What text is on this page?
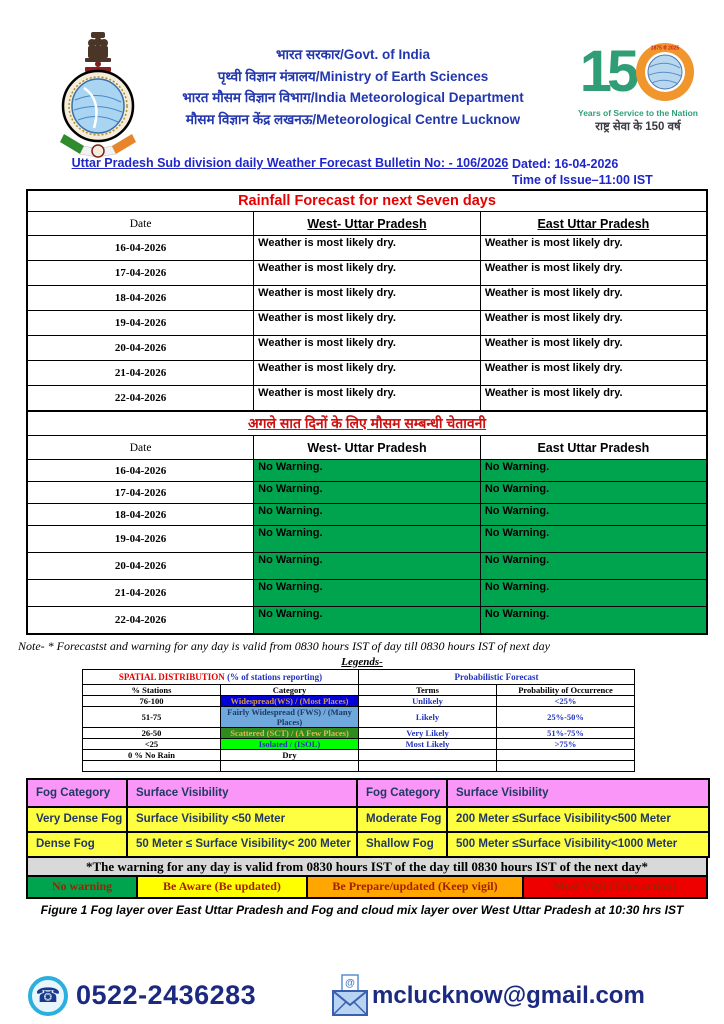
भारत सरकार/Govt. of India
पृथ्वी विज्ञान मंत्रालय/Ministry of Earth Sciences
भारत मौसम विज्ञान विभाग/India Meteorological Department
मौसम विज्ञान केंद्र लखनऊ/Meteorological Centre Lucknow
15	1875 से 2025
Years of Service to the Nation
राष्ट्र सेवा के 150 वर्ष
Uttar Pradesh Sub division daily Weather Forecast Bulletin No: - 106/2026 Dated: 16-04-2026
Time of Issue–11:00 IST
Rainfall Forecast for next Seven days		
Date	West- Uttar Pradesh	East Uttar Pradesh
16-04-2026	Weather is most likely dry.	Weather is most likely dry.
17-04-2026	Weather is most likely dry.	Weather is most likely dry.
18-04-2026	Weather is most likely dry.	Weather is most likely dry.
19-04-2026	Weather is most likely dry.	Weather is most likely dry.
20-04-2026	Weather is most likely dry.	Weather is most likely dry.
21-04-2026	Weather is most likely dry.	Weather is most likely dry.
22-04-2026	Weather is most likely dry.	Weather is most likely dry.
अगले सात दिनों के लिए मौसम सम्बन्धी चेतावनी		
Date	West- Uttar Pradesh	East Uttar Pradesh
16-04-2026	No Warning.	No Warning.
17-04-2026	No Warning.	No Warning.
18-04-2026	No Warning.	No Warning.
19-04-2026	No Warning.	No Warning.
20-04-2026	No Warning.	No Warning.
21-04-2026	No Warning.	No Warning.
22-04-2026	No Warning.	No Warning.
Note- * Forecastst and warning for any day is valid from 0830 hours IST of day till 0830 hours IST of next day
Legends-
SPATIAL DISTRIBUTION (% of stations reporting)		Probabilistic Forecast	
% Stations	Category	Terms	Probability of Occurrence
76-100	Widespread(WS) / (Most Places)	Unlikely	<25%
51-75	Fairly Widespread (FWS) / (Many Places)	Likely	25%-50%
26-50	Scattered (SCT) / (A Few Places)	Very Likely	51%-75%
<25	Isolated / (ISOL)	Most Likely	>75%
0 % No Rain	Dry		

Fog Category	Surface Visibility	Fog Category	Surface Visibility
Very Dense Fog	Surface Visibility <50 Meter	Moderate Fog	200 Meter ≤Surface Visibility<500 Meter
Dense Fog	50 Meter ≤ Surface Visibility< 200 Meter	Shallow Fog	500 Meter ≤Surface Visibility<1000 Meter
*The warning for any day is valid from 0830 hours IST of the day till 0830 hours IST of the next day*
No warning	Be Aware (Be updated)	Be Prepare/updated (Keep vigil)	Most Vigil (Take action)
Figure 1 Fog layer over East Uttar Pradesh and Fog and cloud mix layer over West Uttar Pradesh at 10:30 hrs IST
☎ 0522-2436283	@ mclucknow@gmail.com
